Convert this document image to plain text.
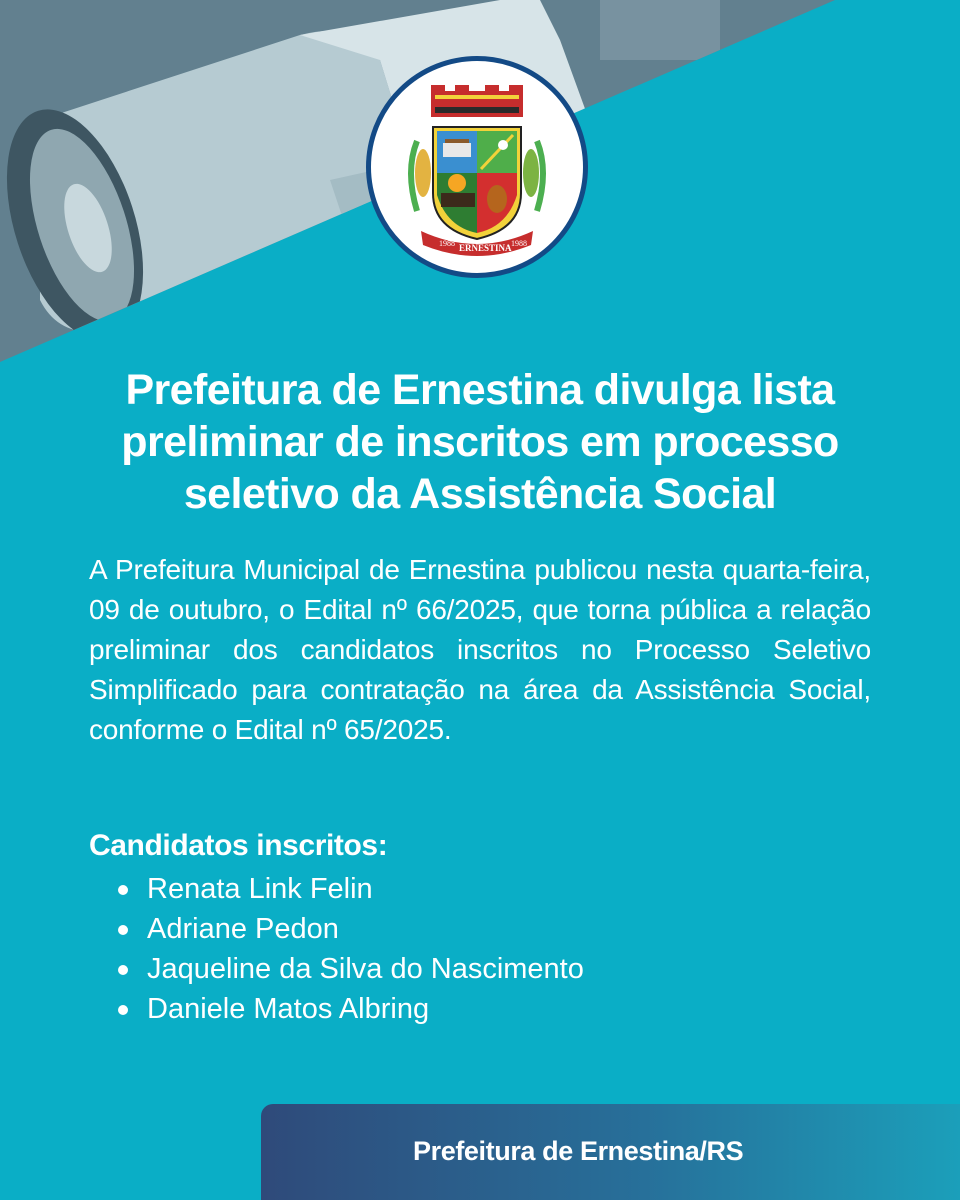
1988 ERNESTINA 1988
Prefeitura de Ernestina divulga lista preliminar de inscritos em processo seletivo da Assistência Social

A Prefeitura Municipal de Ernestina publicou nesta quarta-feira, 09 de outubro, o Edital nº 66/2025, que torna pública a relação preliminar dos candidatos inscritos no Processo Seletivo Simplificado para contratação na área da Assistência Social, conforme o Edital nº 65/2025.

Candidatos inscritos:
Renata Link Felin
Adriane Pedon
Jaqueline da Silva do Nascimento
Daniele Matos Albring
Prefeitura de Ernestina/RS
